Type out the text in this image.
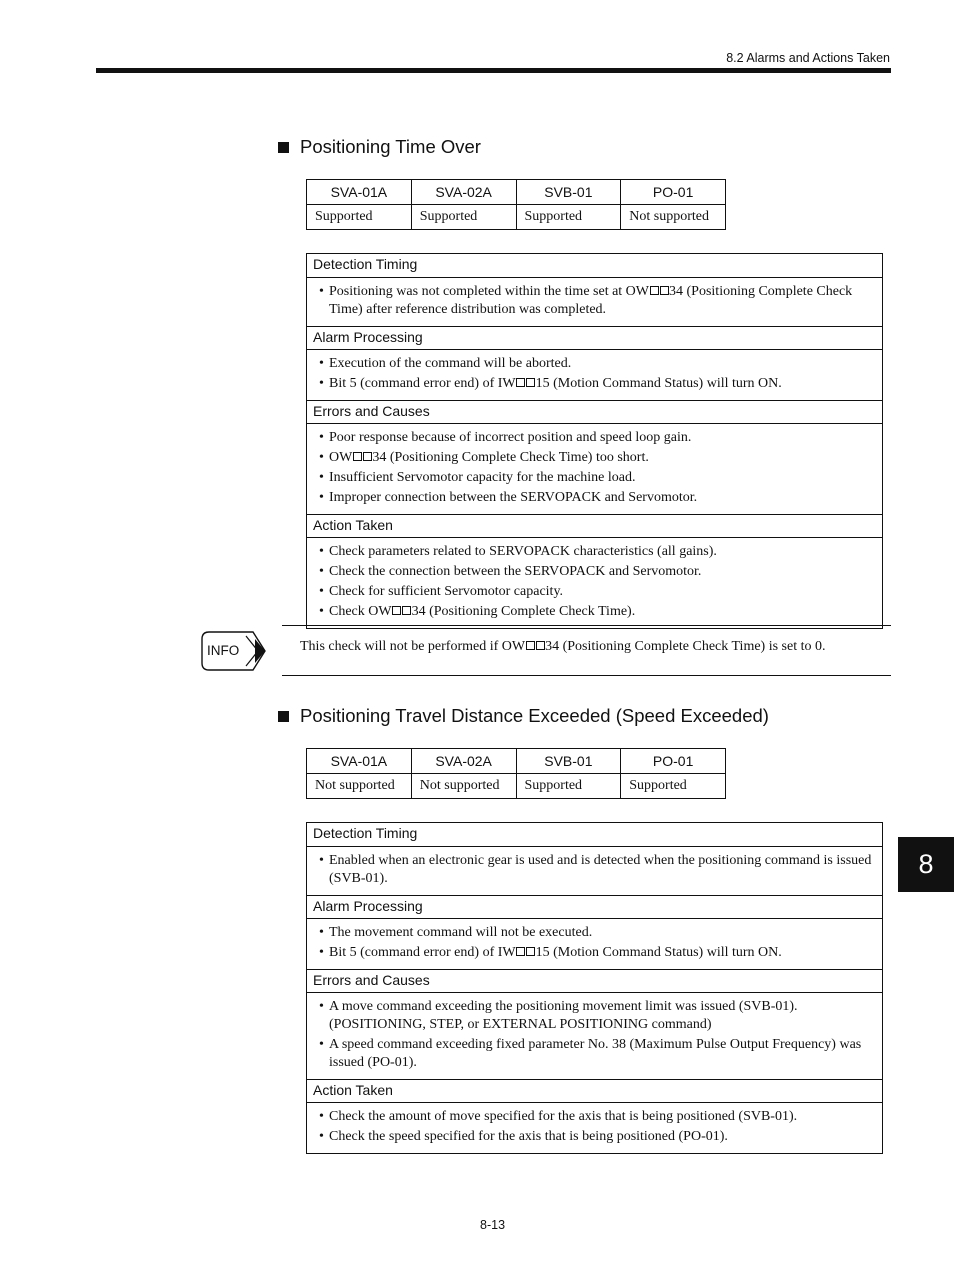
8.2 Alarms and Actions Taken
Positioning Time Over
SVA-01A	SVA-02A	SVB-01	PO-01
Supported	Supported	Supported	Not supported
Detection Timing
• Positioning was not completed within the time set at OW 34 (Positioning Complete Check Time) after reference distribution was completed.
Alarm Processing
• Execution of the command will be aborted.
• Bit 5 (command error end) of IW 15 (Motion Command Status) will turn ON.
Errors and Causes
• Poor response because of incorrect position and speed loop gain.
• OW 34 (Positioning Complete Check Time) too short.
• Insufficient Servomotor capacity for the machine load.
• Improper connection between the SERVOPACK and Servomotor.
Action Taken
• Check parameters related to SERVOPACK characteristics (all gains).
• Check the connection between the SERVOPACK and Servomotor.
• Check for sufficient Servomotor capacity.
• Check OW 34 (Positioning Complete Check Time).
INFO	This check will not be performed if OW 34 (Positioning Complete Check Time) is set to 0.
Positioning Travel Distance Exceeded (Speed Exceeded)
SVA-01A	SVA-02A	SVB-01	PO-01
Not supported	Not supported	Supported	Supported
Detection Timing
• Enabled when an electronic gear is used and is detected when the positioning command is issued (SVB-01).
Alarm Processing
• The movement command will not be executed.
• Bit 5 (command error end) of IW 15 (Motion Command Status) will turn ON.
Errors and Causes
• A move command exceeding the positioning movement limit was issued (SVB-01). (POSITIONING, STEP, or EXTERNAL POSITIONING command)
• A speed command exceeding fixed parameter No. 38 (Maximum Pulse Output Frequency) was issued (PO-01).
Action Taken
• Check the amount of move specified for the axis that is being positioned (SVB-01).
• Check the speed specified for the axis that is being positioned (PO-01).
8
8-13
